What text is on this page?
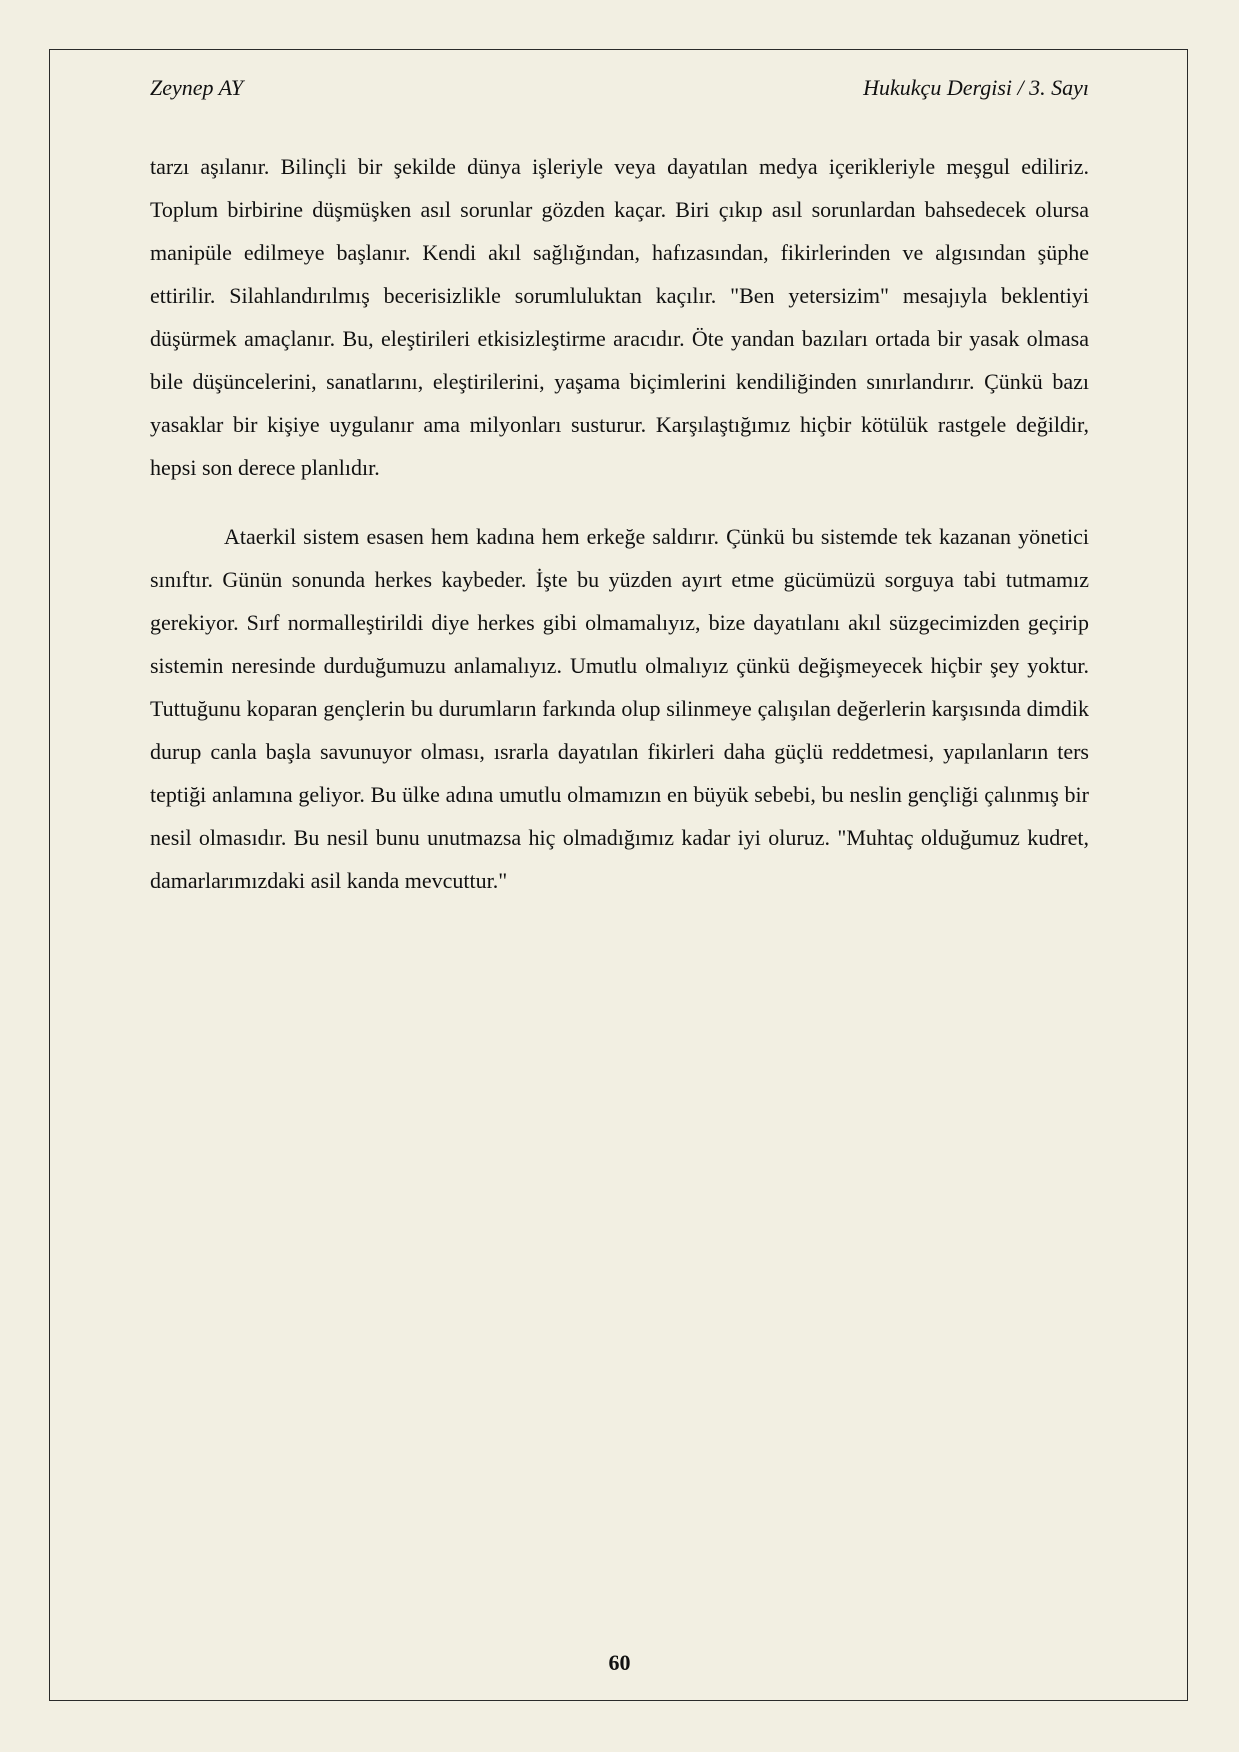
Zeynep AY	Hukukçu Dergisi / 3. Sayı

tarzı aşılanır. Bilinçli bir şekilde dünya işleriyle veya dayatılan medya içerikleriyle meşgul ediliriz. Toplum birbirine düşmüşken asıl sorunlar gözden kaçar. Biri çıkıp asıl sorunlardan bahsedecek olursa manipüle edilmeye başlanır. Kendi akıl sağlığından, hafızasından, fikirlerinden ve algısından şüphe ettirilir. Silahlandırılmış becerisizlikle sorumluluktan kaçılır. "Ben yetersizim" mesajıyla beklentiyi düşürmek amaçlanır. Bu, eleştirileri etkisizleştirme aracıdır. Öte yandan bazıları ortada bir yasak olmasa bile düşüncelerini, sanatlarını, eleştirilerini, yaşama biçimlerini kendiliğinden sınırlandırır. Çünkü bazı yasaklar bir kişiye uygulanır ama milyonları susturur. Karşılaştığımız hiçbir kötülük rastgele değildir, hepsi son derece planlıdır.

Ataerkil sistem esasen hem kadına hem erkeğe saldırır. Çünkü bu sistemde tek kazanan yönetici sınıftır. Günün sonunda herkes kaybeder. İşte bu yüzden ayırt etme gücümüzü sorguya tabi tutmamız gerekiyor. Sırf normalleştirildi diye herkes gibi olmamalıyız, bize dayatılanı akıl süzgecimizden geçirip sistemin neresinde durduğumuzu anlamalıyız. Umutlu olmalıyız çünkü değişmeyecek hiçbir şey yoktur. Tuttuğunu koparan gençlerin bu durumların farkında olup silinmeye çalışılan değerlerin karşısında dimdik durup canla başla savunuyor olması, ısrarla dayatılan fikirleri daha güçlü reddetmesi, yapılanların ters teptiği anlamına geliyor. Bu ülke adına umutlu olmamızın en büyük sebebi, bu neslin gençliği çalınmış bir nesil olmasıdır. Bu nesil bunu unutmazsa hiç olmadığımız kadar iyi oluruz. "Muhtaç olduğumuz kudret, damarlarımızdaki asil kanda mevcuttur."

60
